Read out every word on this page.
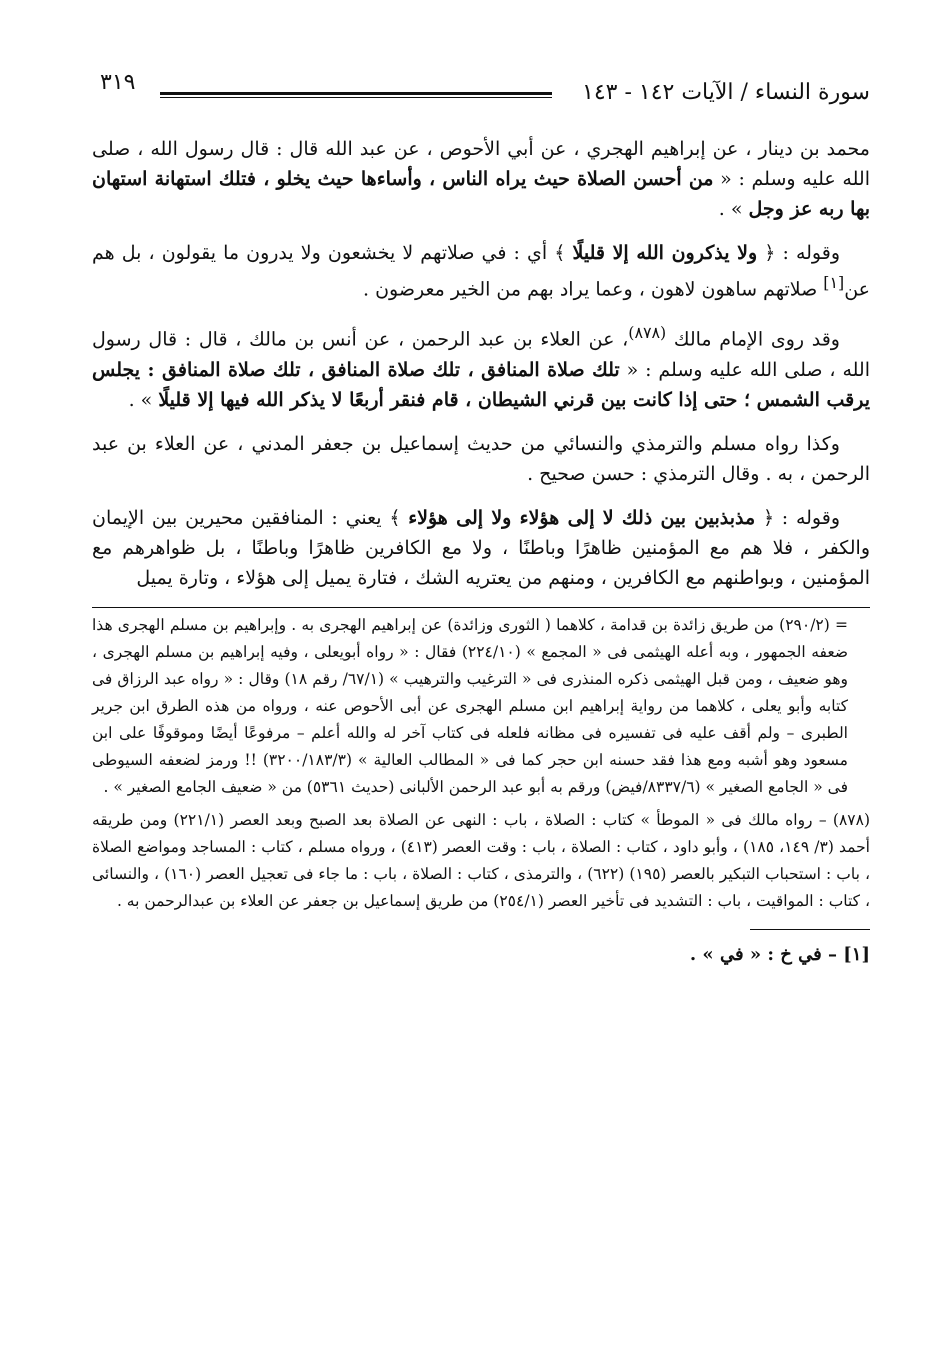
سورة النساء / الآيات ١٤٢ - ١٤٣
٣١٩

محمد بن دينار ، عن إبراهيم الهجري ، عن أبي الأحوص ، عن عبد الله قال : قال رسول الله ، صلى الله عليه وسلم : « من أحسن الصلاة حيث يراه الناس ، وأساءها حيث يخلو ، فتلك استهانة استهان بها ربه عز وجل » .

وقوله : ﴿ ولا يذكرون الله إلا قليلًا ﴾ أي : في صلاتهم لا يخشعون ولا يدرون ما يقولون ، بل هم عن[١] صلاتهم ساهون لاهون ، وعما يراد بهم من الخير معرضون .

وقد روى الإمام مالك $^{(٨٧٨)}$، عن العلاء بن عبد الرحمن ، عن أنس بن مالك ، قال : قال رسول الله ، صلى الله عليه وسلم : « تلك صلاة المنافق ، تلك صلاة المنافق ، تلك صلاة المنافق : يجلس يرقب الشمس ؛ حتى إذا كانت بين قرني الشيطان ، قام فنقر أربعًا لا يذكر الله فيها إلا قليلًا » .

وكذا رواه مسلم والترمذي والنسائي من حديث إسماعيل بن جعفر المدني ، عن العلاء بن عبد الرحمن ، به . وقال الترمذي : حسن صحيح .

وقوله : ﴿ مذبذبين بين ذلك لا إلى هؤلاء ولا إلى هؤلاء ﴾ يعني : المنافقين محيرين بين الإيمان والكفر ، فلا هم مع المؤمنين ظاهرًا وباطنًا ، ولا مع الكافرين ظاهرًا وباطنًا ، بل ظواهرهم مع المؤمنين ، وبواطنهم مع الكافرين ، ومنهم من يعتريه الشك ، فتارة يميل إلى هؤلاء ، وتارة يميل

= (٢٩٠/٢) من طريق زائدة بن قدامة ، كلاهما ( الثورى وزائدة) عن إبراهيم الهجرى به . وإبراهيم بن مسلم الهجرى هذا ضعفه الجمهور ، وبه أعله الهيثمى فى « المجمع » (٢٢٤/١٠) فقال : « رواه أبويعلى ، وفيه إبراهيم بن مسلم الهجرى ، وهو ضعيف ، ومن قبل الهيثمى ذكره المنذرى فى « الترغيب والترهيب » (٦٧/١/ رقم ١٨) وقال : « رواه عبد الرزاق فى كتابه وأبو يعلى ، كلاهما من رواية إبراهيم ابن مسلم الهجرى عن أبى الأحوص عنه ، ورواه من هذه الطرق ابن جرير الطبرى – ولم أقف عليه فى تفسيره فى مظانه فلعله فى كتاب آخر له والله أعلم – مرفوعًا أيضًا وموقوفًا على ابن مسعود وهو أشبه ومع هذا فقد حسنه ابن حجر كما فى « المطالب العالية » (٣٢٠٠/١٨٣/٣) !! ورمز لضعفه السيوطى فى « الجامع الصغير » (٨٣٣٧/٦/فيض) ورقم به أبو عبد الرحمن الألبانى (حديث ٥٣٦١) من « ضعيف الجامع الصغير » .

(٨٧٨) – رواه مالك فى « الموطأ » كتاب : الصلاة ، باب : النهى عن الصلاة بعد الصبح وبعد العصر (٢٢١/١) ومن طريقه أحمد (٣/ ١٤٩، ١٨٥) ، وأبو داود ، كتاب : الصلاة ، باب : وقت العصر (٤١٣) ، ورواه مسلم ، كتاب : المساجد ومواضع الصلاة ، باب : استحباب التبكير بالعصر (١٩٥) (٦٢٢) ، والترمذى ، كتاب : الصلاة ، باب : ما جاء فى تعجيل العصر (١٦٠) ، والنسائى ، كتاب : المواقيت ، باب : التشديد فى تأخير العصر (٢٥٤/١) من طريق إسماعيل بن جعفر عن العلاء بن عبدالرحمن به .

[١] – في خ : « في » .
